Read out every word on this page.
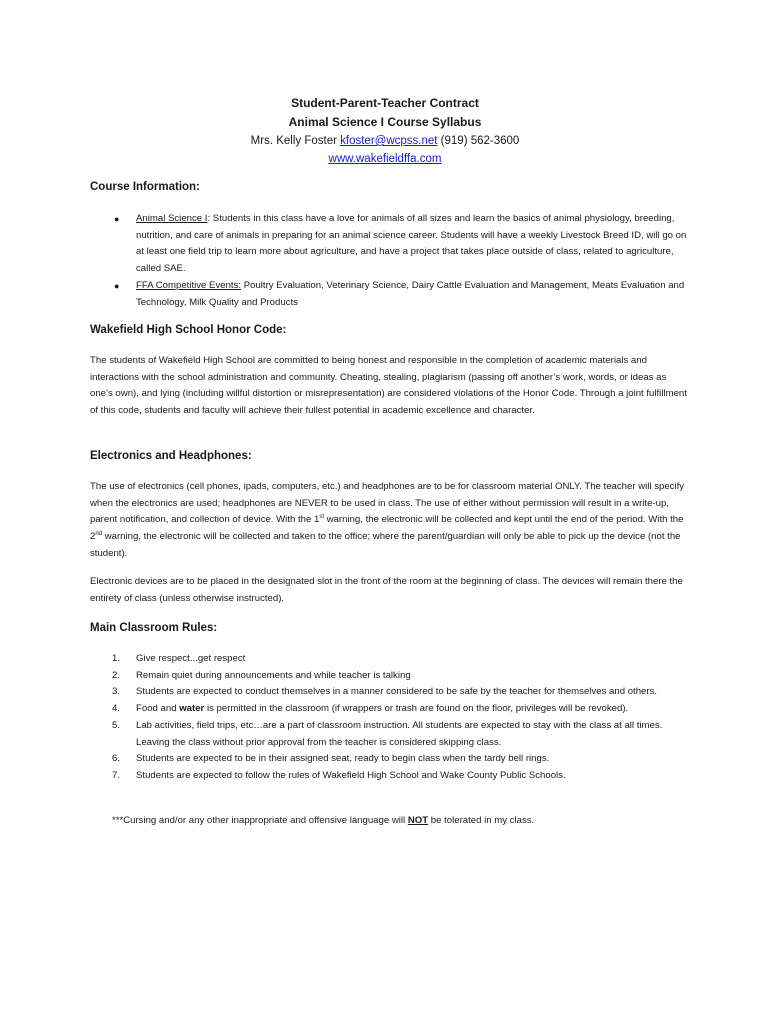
Student-Parent-Teacher Contract
Animal Science I Course Syllabus
Mrs. Kelly Foster kfoster@wcpss.net (919) 562-3600
www.wakefieldffa.com
Course Information:
● Animal Science I: Students in this class have a love for animals of all sizes and learn the basics of animal physiology, breeding, nutrition, and care of animals in preparing for an animal science career. Students will have a weekly Livestock Breed ID, will go on at least one field trip to learn more about agriculture, and have a project that takes place outside of class, related to agriculture, called SAE.
● FFA Competitive Events: Poultry Evaluation, Veterinary Science, Dairy Cattle Evaluation and Management, Meats Evaluation and Technology, Milk Quality and Products
Wakefield High School Honor Code:

The students of Wakefield High School are committed to being honest and responsible in the completion of academic materials and interactions with the school administration and community. Cheating, stealing, plagiarism (passing off another’s work, words, or ideas as one’s own), and lying (including willful distortion or misrepresentation) are considered violations of the Honor Code. Through a joint fulfillment of this code, students and faculty will achieve their fullest potential in academic excellence and character.

Electronics and Headphones:

The use of electronics (cell phones, ipads, computers, etc.) and headphones are to be for classroom material ONLY. The teacher will specify when the electronics are used; headphones are NEVER to be used in class. The use of either without permission will result in a write-up, parent notification, and collection of device. With the 1st warning, the electronic will be collected and kept until the end of the period. With the 2nd warning, the electronic will be collected and taken to the office; where the parent/guardian will only be able to pick up the device (not the student).

Electronic devices are to be placed in the designated slot in the front of the room at the beginning of class. The devices will remain there the entirety of class (unless otherwise instructed).

Main Classroom Rules:
1. Give respect...get respect
2. Remain quiet during announcements and while teacher is talking
3. Students are expected to conduct themselves in a manner considered to be safe by the teacher for themselves and others.
4. Food and water is permitted in the classroom (if wrappers or trash are found on the floor, privileges will be revoked).
5. Lab activities, field trips, etc…are a part of classroom instruction. All students are expected to stay with the class at all times. Leaving the class without prior approval from the teacher is considered skipping class.
6. Students are expected to be in their assigned seat, ready to begin class when the tardy bell rings.
7. Students are expected to follow the rules of Wakefield High School and Wake County Public Schools.

***Cursing and/or any other inappropriate and offensive language will NOT be tolerated in my class.
